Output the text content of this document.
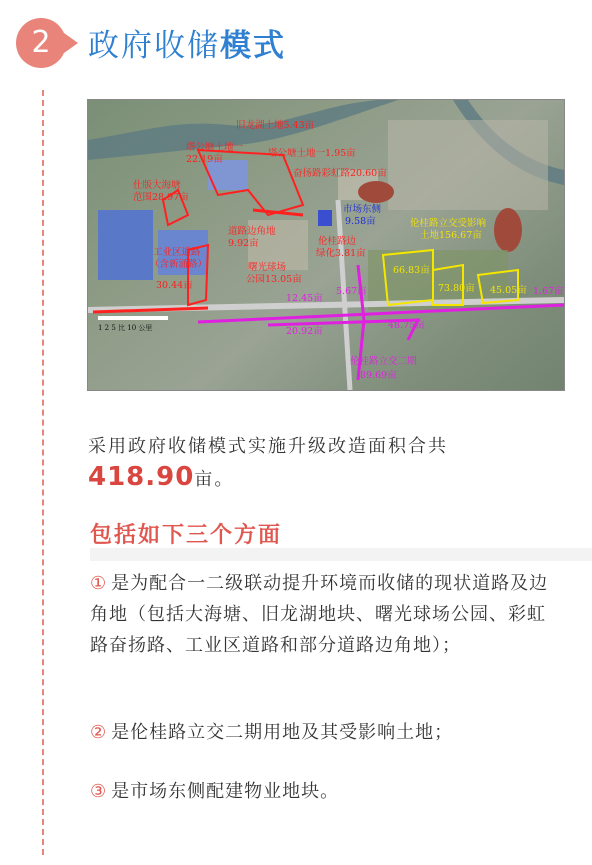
2	政府收储模式
旧龙湖土地5.43亩
塔公塘土地一
22.19亩
塔公塘土地一1.95亩
奋扬路彩虹路20.60亩
仕版大海塘
范围28.97亩
市场东侧
9.58亩	伦桂路立交受影响
土地156.67亩
道路边角地
9.92亩	伦桂路边
绿化3.81亩
工业区道路
（含新涌路）
30.44亩
曙光球场
公园13.05亩
66.83亩
73.80亩 45.05亩 1.67亩
5.67亩
12.45亩
20.92亩
48.75亩
伦桂路立交二期
89.69亩
1 2 5 比 10 公里
采用政府收储模式实施升级改造面积合共
418.90亩。
包括如下三个方面
① 是为配合一二级联动提升环境而收储的现状道路及边角地（包括大海塘、旧龙湖地块、曙光球场公园、彩虹路奋扬路、工业区道路和部分道路边角地）；
② 是伦桂路立交二期用地及其受影响土地；
③ 是市场东侧配建物业地块。
